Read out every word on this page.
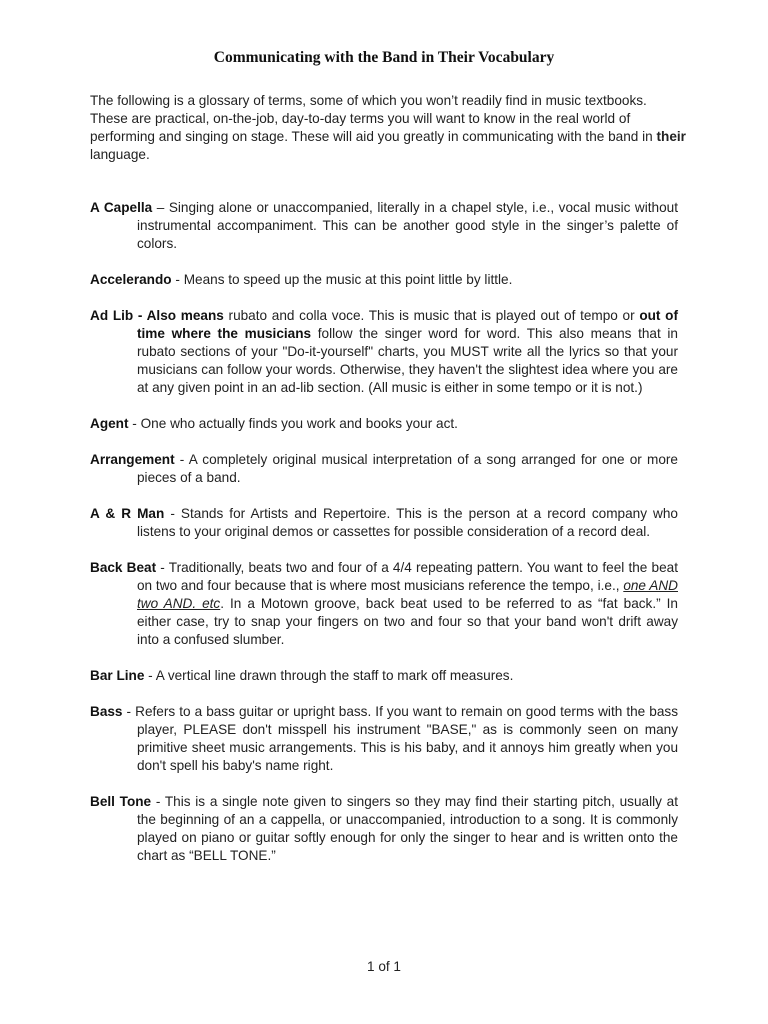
Communicating with the Band in Their Vocabulary

The following is a glossary of terms, some of which you won’t readily find in music textbooks. These are practical, on-the-job, day-to-day terms you will want to know in the real world of performing and singing on stage. These will aid you greatly in communicating with the band in their language.

A Capella – Singing alone or unaccompanied, literally in a chapel style, i.e., vocal music without instrumental accompaniment. This can be another good style in the singer’s palette of colors.

Accelerando - Means to speed up the music at this point little by little.

Ad Lib - Also means rubato and colla voce. This is music that is played out of tempo or out of time where the musicians follow the singer word for word. This also means that in rubato sections of your "Do-it-yourself" charts, you MUST write all the lyrics so that your musicians can follow your words. Otherwise, they haven't the slightest idea where you are at any given point in an ad-lib section. (All music is either in some tempo or it is not.)

Agent - One who actually finds you work and books your act.

Arrangement - A completely original musical interpretation of a song arranged for one or more pieces of a band.

A & R Man - Stands for Artists and Repertoire. This is the person at a record company who listens to your original demos or cassettes for possible consideration of a record deal.

Back Beat - Traditionally, beats two and four of a 4/4 repeating pattern. You want to feel the beat on two and four because that is where most musicians reference the tempo, i.e., one AND two AND. etc. In a Motown groove, back beat used to be referred to as “fat back.” In either case, try to snap your fingers on two and four so that your band won't drift away into a confused slumber.

Bar Line - A vertical line drawn through the staff to mark off measures.

Bass - Refers to a bass guitar or upright bass. If you want to remain on good terms with the bass player, PLEASE don't misspell his instrument "BASE," as is commonly seen on many primitive sheet music arrangements. This is his baby, and it annoys him greatly when you don't spell his baby's name right.

Bell Tone - This is a single note given to singers so they may find their starting pitch, usually at the beginning of an a cappella, or unaccompanied, introduction to a song. It is commonly played on piano or guitar softly enough for only the singer to hear and is written onto the chart as “BELL TONE.”

1 of 1
